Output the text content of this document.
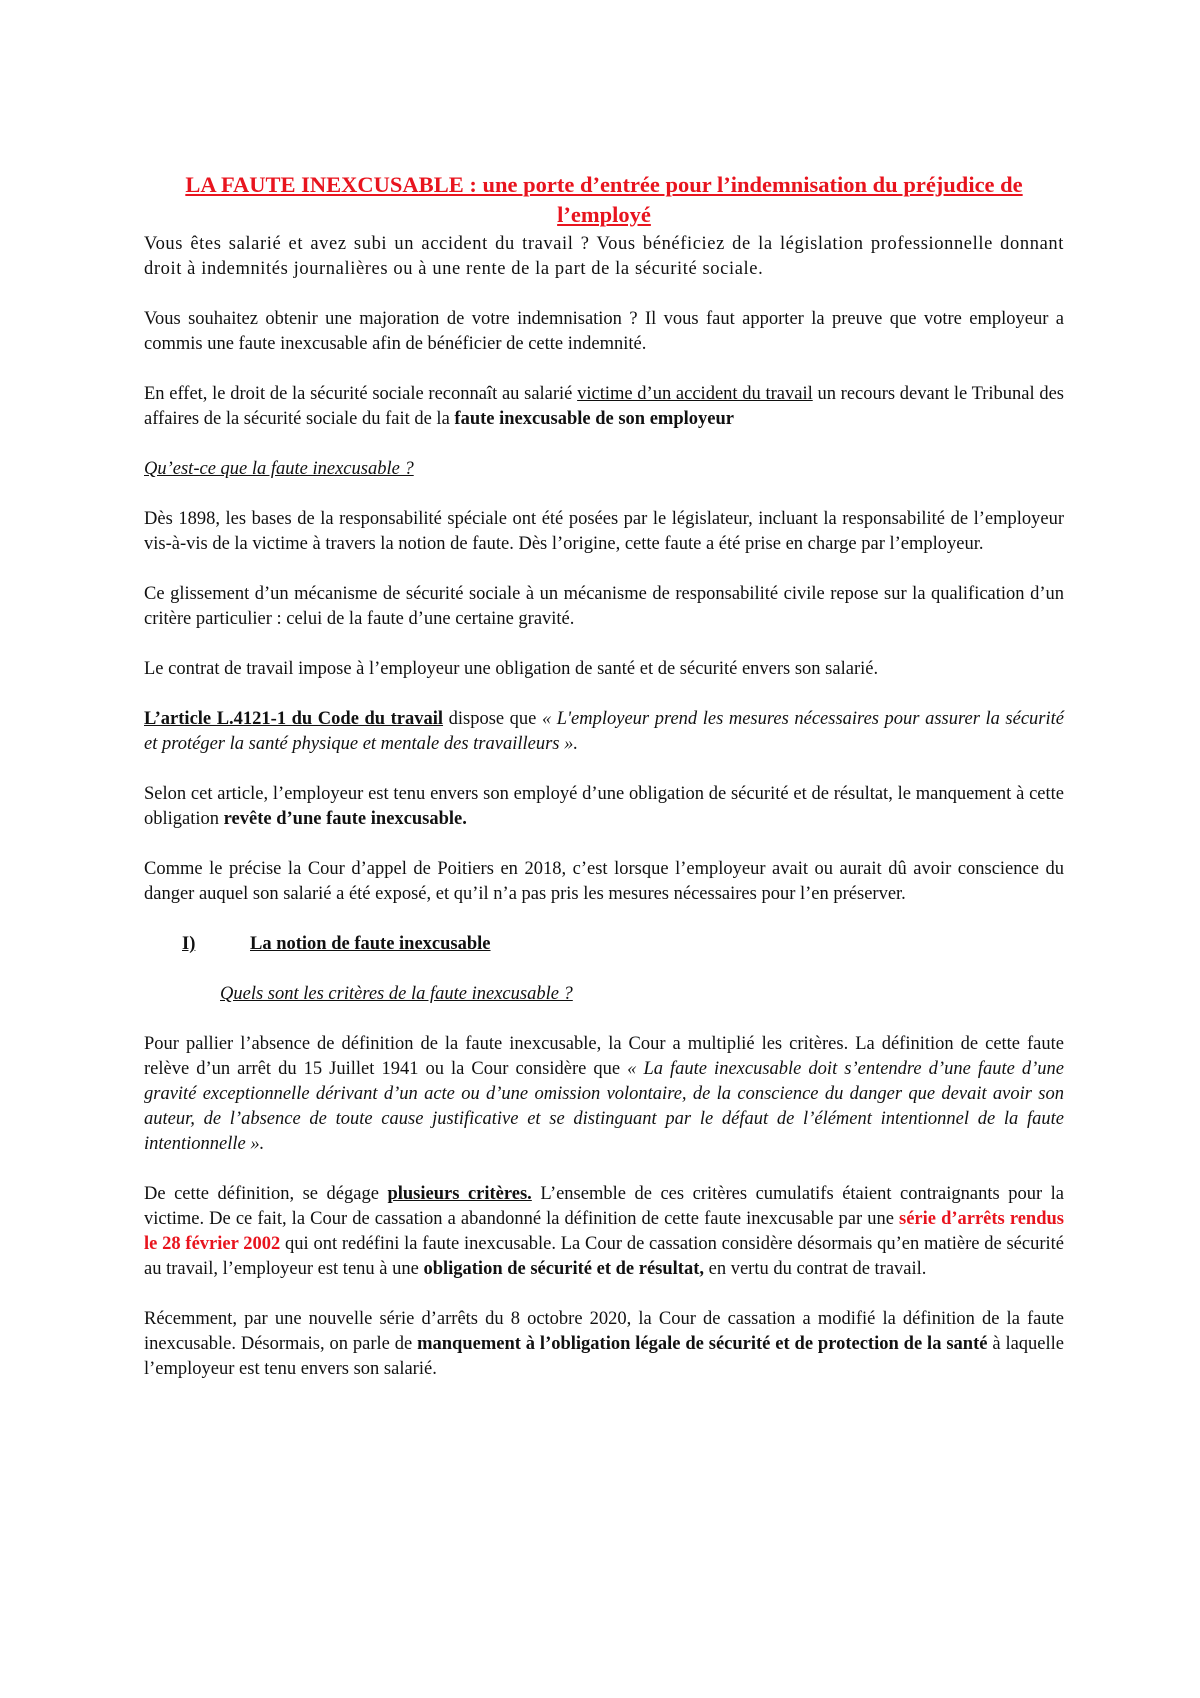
LA FAUTE INEXCUSABLE : une porte d’entrée pour l’indemnisation du préjudice de l’employé

Vous êtes salarié et avez subi un accident du travail ? Vous bénéficiez de la législation professionnelle donnant droit à indemnités journalières ou à une rente de la part de la sécurité sociale.

Vous souhaitez obtenir une majoration de votre indemnisation ? Il vous faut apporter la preuve que votre employeur a commis une faute inexcusable afin de bénéficier de cette indemnité.

En effet, le droit de la sécurité sociale reconnaît au salarié victime d’un accident du travail un recours devant le Tribunal des affaires de la sécurité sociale du fait de la faute inexcusable de son employeur

Qu’est-ce que la faute inexcusable ?

Dès 1898, les bases de la responsabilité spéciale ont été posées par le législateur, incluant la responsabilité de l’employeur vis-à-vis de la victime à travers la notion de faute. Dès l’origine, cette faute a été prise en charge par l’employeur.

Ce glissement d’un mécanisme de sécurité sociale à un mécanisme de responsabilité civile repose sur la qualification d’un critère particulier : celui de la faute d’une certaine gravité.

Le contrat de travail impose à l’employeur une obligation de santé et de sécurité envers son salarié.

L’article L.4121-1 du Code du travail dispose que « L'employeur prend les mesures nécessaires pour assurer la sécurité et protéger la santé physique et mentale des travailleurs ».

Selon cet article, l’employeur est tenu envers son employé d’une obligation de sécurité et de résultat, le manquement à cette obligation revête d’une faute inexcusable.

Comme le précise la Cour d’appel de Poitiers en 2018, c’est lorsque l’employeur avait ou aurait dû avoir conscience du danger auquel son salarié a été exposé, et qu’il n’a pas pris les mesures nécessaires pour l’en préserver.

I)	La notion de faute inexcusable

Quels sont les critères de la faute inexcusable ?

Pour pallier l’absence de définition de la faute inexcusable, la Cour a multiplié les critères. La définition de cette faute relève d’un arrêt du 15 Juillet 1941 ou la Cour considère que « La faute inexcusable doit s’entendre d’une faute d’une gravité exceptionnelle dérivant d’un acte ou d’une omission volontaire, de la conscience du danger que devait avoir son auteur, de l’absence de toute cause justificative et se distinguant par le défaut de l’élément intentionnel de la faute intentionnelle ».

De cette définition, se dégage plusieurs critères. L’ensemble de ces critères cumulatifs étaient contraignants pour la victime. De ce fait, la Cour de cassation a abandonné la définition de cette faute inexcusable par une série d’arrêts rendus le 28 février 2002 qui ont redéfini la faute inexcusable. La Cour de cassation considère désormais qu’en matière de sécurité au travail, l’employeur est tenu à une obligation de sécurité et de résultat, en vertu du contrat de travail.

Récemment, par une nouvelle série d’arrêts du 8 octobre 2020, la Cour de cassation a modifié la définition de la faute inexcusable. Désormais, on parle de manquement à l’obligation légale de sécurité et de protection de la santé à laquelle l’employeur est tenu envers son salarié.
